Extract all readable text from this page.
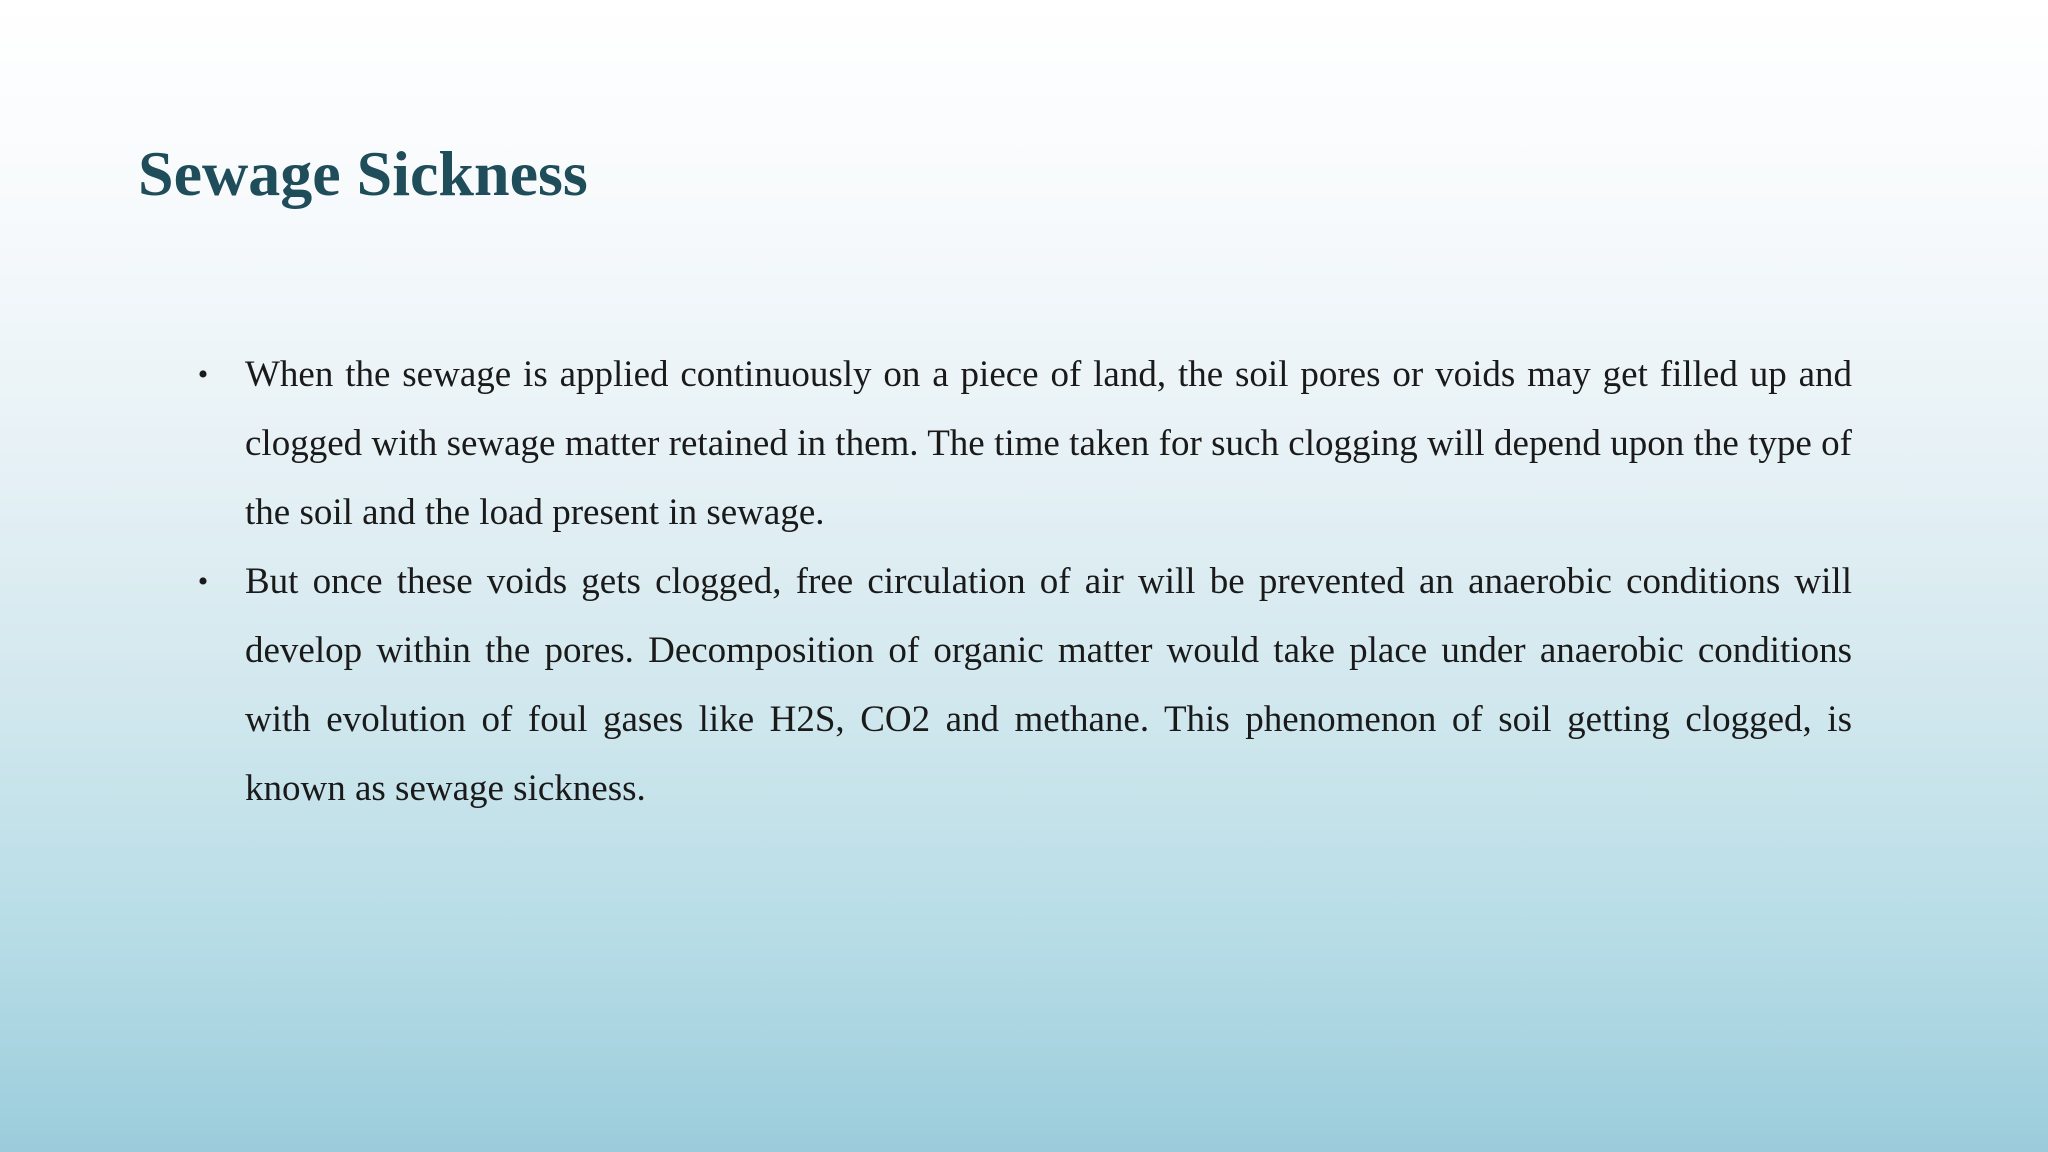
Sewage Sickness
• When the sewage is applied continuously on a piece of land, the soil pores or voids may get filled up and clogged with sewage matter retained in them. The time taken for such clogging will depend upon the type of the soil and the load present in sewage.
• But once these voids gets clogged, free circulation of air will be prevented an anaerobic conditions will develop within the pores. Decomposition of organic matter would take place under anaerobic conditions with evolution of foul gases like H2S, CO2 and methane. This phenomenon of soil getting clogged, is known as sewage sickness.
